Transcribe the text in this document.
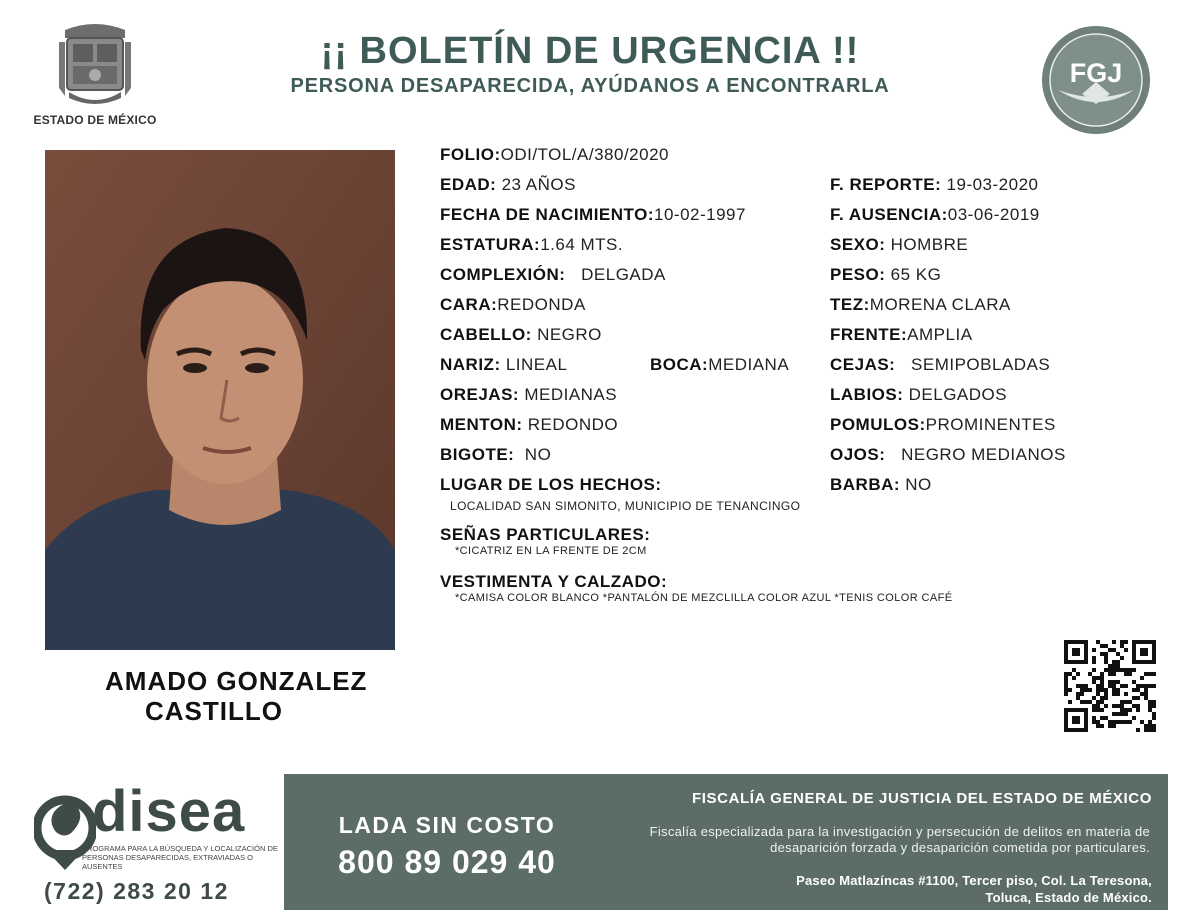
ESTADO DE MÉXICO
¡¡ BOLETÍN DE URGENCIA !!
PERSONA DESAPARECIDA, AYÚDANOS A ENCONTRARLA	FGJ
AMADO GONZALEZ
CASTILLO
FOLIO:ODI/TOL/A/380/2020
EDAD: 23 AÑOS
FECHA DE NACIMIENTO:10-02-1997
ESTATURA:1.64 MTS.
COMPLEXIÓN: DELGADA
CARA:REDONDA
CABELLO: NEGRO
NARIZ: LINEAL	BOCA:MEDIANA
OREJAS: MEDIANAS
MENTON: REDONDO
BIGOTE: NO
LUGAR DE LOS HECHOS:
LOCALIDAD SAN SIMONITO, MUNICIPIO DE TENANCINGO
SEÑAS PARTICULARES:
*CICATRIZ EN LA FRENTE DE 2CM
VESTIMENTA Y CALZADO:
*CAMISA COLOR BLANCO *PANTALÓN DE MEZCLILLA COLOR AZUL *TENIS COLOR CAFÉ
F. REPORTE: 19-03-2020
F. AUSENCIA:03-06-2019
SEXO: HOMBRE
PESO: 65 KG
TEZ:MORENA CLARA
FRENTE:AMPLIA
CEJAS: SEMIPOBLADAS
LABIOS: DELGADOS
POMULOS:PROMINENTES
OJOS: NEGRO MEDIANOS
BARBA: NO
disea
PROGRAMA PARA LA BÚSQUEDA Y LOCALIZACIÓN DE PERSONAS DESAPARECIDAS, EXTRAVIADAS O AUSENTES
(722) 283 20 12
LADA SIN COSTO
800 89 029 40
FISCALÍA GENERAL DE JUSTICIA DEL ESTADO DE MÉXICO
Fiscalía especializada para la investigación y persecución de delitos en materia de desaparición forzada y desaparición cometida por particulares.
Paseo Matlazíncas #1100, Tercer piso, Col. La Teresona,
Toluca, Estado de México.
